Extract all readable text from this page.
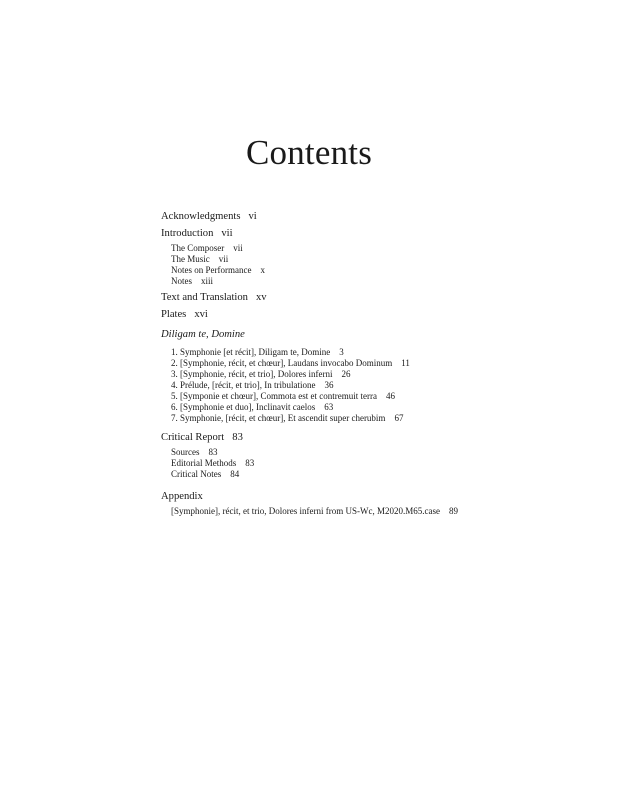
Contents
Acknowledgments vi
Introduction vii
The Composer vii
The Music vii
Notes on Performance x
Notes xiii
Text and Translation xv
Plates xvi
Diligam te, Domine
1. Symphonie [et récit], Diligam te, Domine 3
2. [Symphonie, récit, et chœur], Laudans invocabo Dominum 11
3. [Symphonie, récit, et trio], Dolores inferni 26
4. Prélude, [récit, et trio], In tribulatione 36
5. [Symponie et chœur], Commota est et contremuit terra 46
6. [Symphonie et duo], Inclinavit caelos 63
7. Symphonie, [récit, et chœur], Et ascendit super cherubim 67
Critical Report 83
Sources 83
Editorial Methods 83
Critical Notes 84
Appendix
[Symphonie], récit, et trio, Dolores inferni from US-Wc, M2020.M65.case 89
